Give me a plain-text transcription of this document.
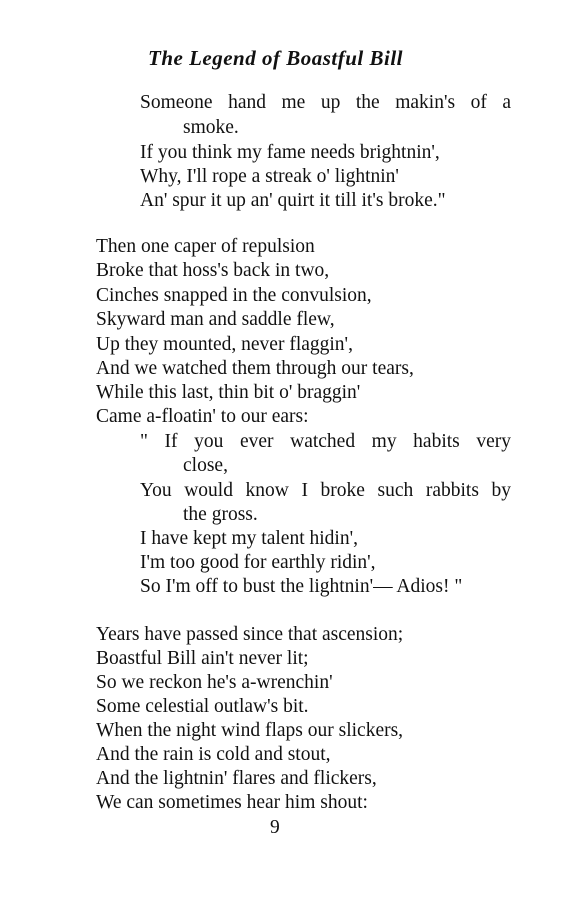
The Legend of Boastful Bill
Someone hand me up the makin's of a
smoke.
If you think my fame needs brightnin',
Why, I'll rope a streak o' lightnin'
An' spur it up an' quirt it till it's broke."
Then one caper of repulsion
Broke that hoss's back in two,
Cinches snapped in the convulsion,
Skyward man and saddle flew,
Up they mounted, never flaggin',
And we watched them through our tears,
While this last, thin bit o' braggin'
Came a-floatin' to our ears:
" If you ever watched my habits very
close,
You would know I broke such rabbits by
the gross.
I have kept my talent hidin',
I'm too good for earthly ridin',
So I'm off to bust the lightnin'— Adios! "
Years have passed since that ascension;
Boastful Bill ain't never lit;
So we reckon he's a-wrenchin'
Some celestial outlaw's bit.
When the night wind flaps our slickers,
And the rain is cold and stout,
And the lightnin' flares and flickers,
We can sometimes hear him shout:
9
